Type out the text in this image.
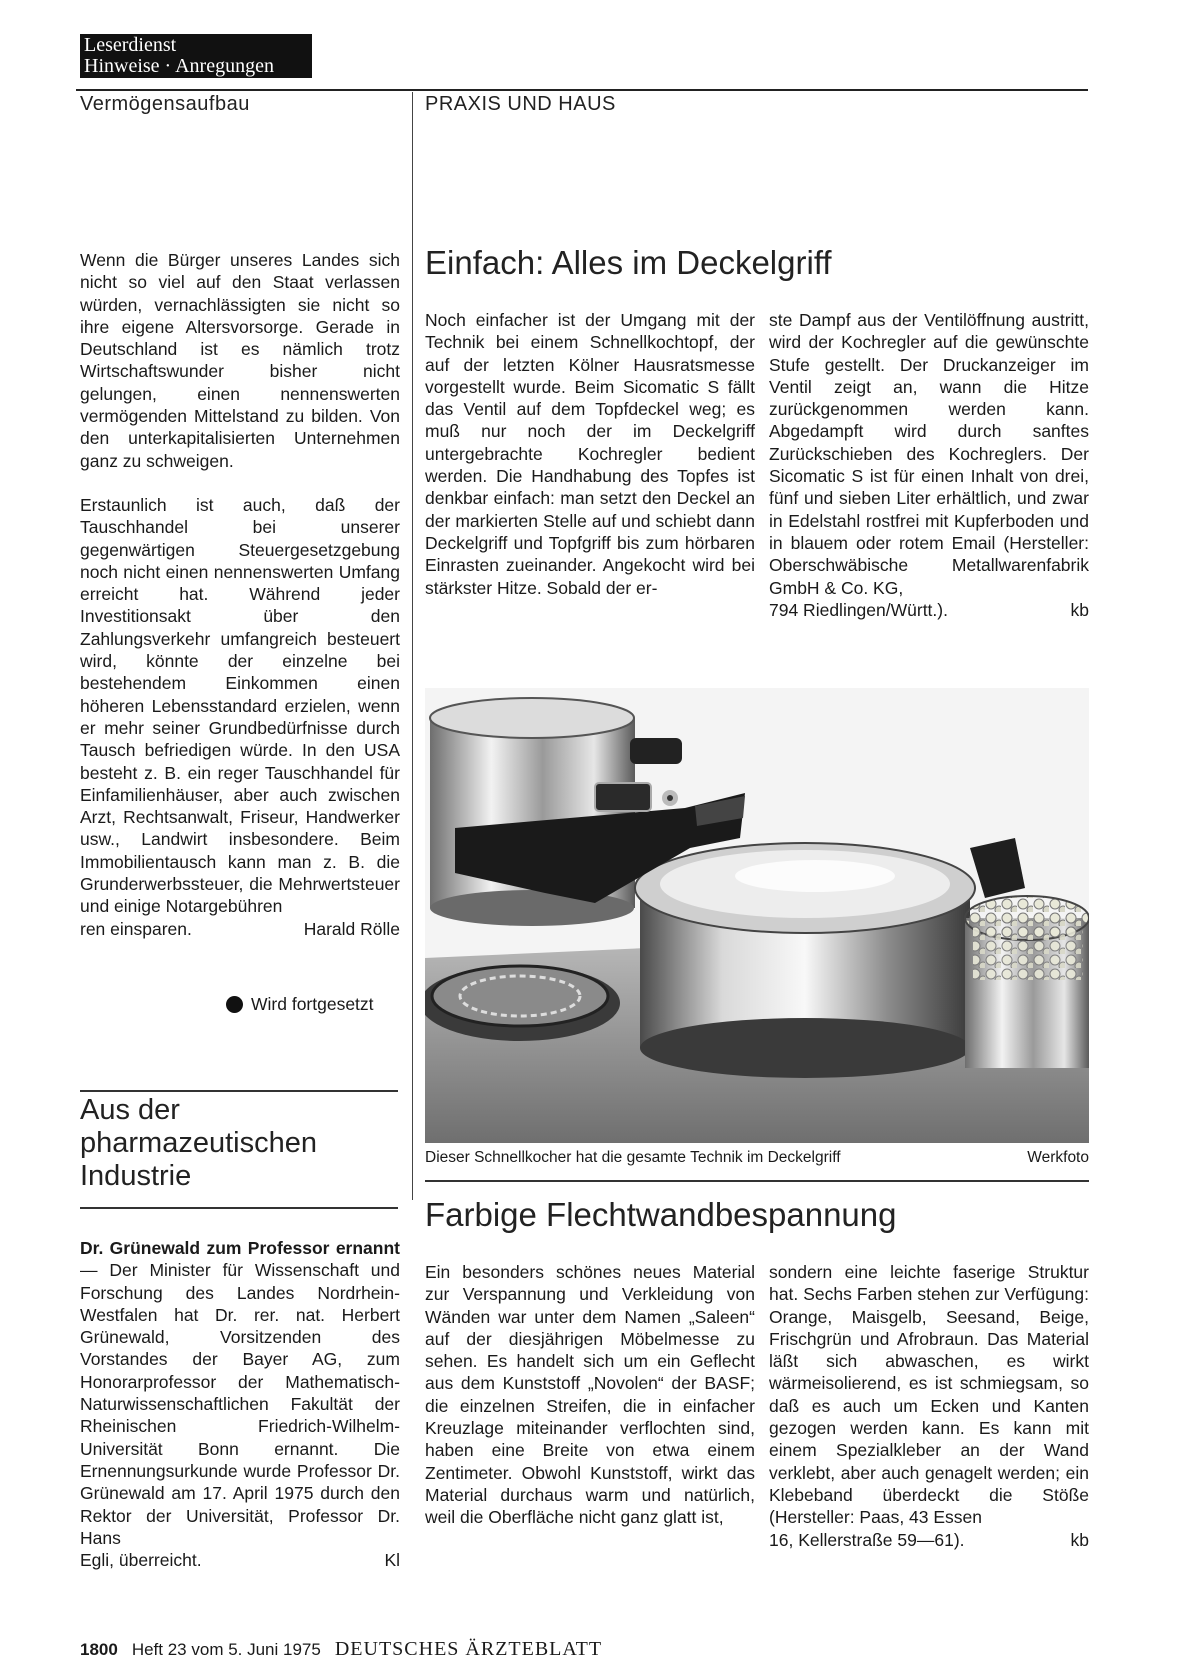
Leserdienst
Hinweise · Anregungen
Vermögensaufbau	PRAXIS UND HAUS

Wenn die Bürger unseres Landes sich nicht so viel auf den Staat verlassen würden, vernachlässigten sie nicht so ihre eigene Altersvorsorge. Gerade in Deutschland ist es nämlich trotz Wirtschaftswunder bisher nicht gelungen, einen nennenswerten vermögenden Mittelstand zu bilden. Von den unterkapitalisierten Unternehmen ganz zu schweigen.

Erstaunlich ist auch, daß der Tauschhandel bei unserer gegenwärtigen Steuergesetzgebung noch nicht einen nennenswerten Umfang erreicht hat. Während jeder Investitionsakt über den Zahlungsverkehr umfangreich besteuert wird, könnte der einzelne bei bestehendem Einkommen einen höheren Lebensstandard erzielen, wenn er mehr seiner Grundbedürfnisse durch Tausch befriedigen würde. In den USA besteht z. B. ein reger Tauschhandel für Einfamilienhäuser, aber auch zwischen Arzt, Rechtsanwalt, Friseur, Handwerker usw., Landwirt insbesondere. Beim Immobilientausch kann man z. B. die Grunderwerbssteuer, die Mehrwertsteuer und einige Notargebühren

ren einsparen.	Harald Rölle
Wird fortgesetzt
Aus der
pharmazeutischen
Industrie

Dr. Grünewald zum Professor ernannt — Der Minister für Wissenschaft und Forschung des Landes Nordrhein-Westfalen hat Dr. rer. nat. Herbert Grünewald, Vorsitzenden des Vorstandes der Bayer AG, zum Honorarprofessor der Mathematisch-Naturwissenschaftlichen Fakultät der Rheinischen Friedrich-Wilhelm-Universität Bonn ernannt. Die Ernennungsurkunde wurde Professor Dr. Grünewald am 17. April 1975 durch den Rektor der Universität, Professor Dr. Hans

Egli, überreicht.	Kl
Einfach: Alles im Deckelgriff

Noch einfacher ist der Umgang mit der Technik bei einem Schnellkochtopf, der auf der letzten Kölner Hausratsmesse vorgestellt wurde. Beim Sicomatic S fällt das Ventil auf dem Topfdeckel weg; es muß nur noch der im Deckelgriff untergebrachte Kochregler bedient werden. Die Handhabung des Topfes ist denkbar einfach: man setzt den Deckel an der markierten Stelle auf und schiebt dann Deckelgriff und Topfgriff bis zum hörbaren Einrasten zueinander. Angekocht wird bei stärkster Hitze. Sobald der er-

ste Dampf aus der Ventilöffnung austritt, wird der Kochregler auf die gewünschte Stufe gestellt. Der Druckanzeiger im Ventil zeigt an, wann die Hitze zurückgenommen werden kann. Abgedampft wird durch sanftes Zurückschieben des Kochreglers. Der Sicomatic S ist für einen Inhalt von drei, fünf und sieben Liter erhältlich, und zwar in Edelstahl rostfrei mit Kupferboden und in blauem oder rotem Email (Hersteller: Oberschwäbische Metallwarenfabrik GmbH & Co. KG,

794 Riedlingen/Württ.).	kb
Dieser Schnellkocher hat die gesamte Technik im Deckelgriff	Werkfoto
Farbige Flechtwandbespannung

Ein besonders schönes neues Material zur Verspannung und Verkleidung von Wänden war unter dem Namen „Saleen“ auf der diesjährigen Möbelmesse zu sehen. Es handelt sich um ein Geflecht aus dem Kunststoff „Novolen“ der BASF; die einzelnen Streifen, die in einfacher Kreuzlage miteinander verflochten sind, haben eine Breite von etwa einem Zentimeter. Obwohl Kunststoff, wirkt das Material durchaus warm und natürlich, weil die Oberfläche nicht ganz glatt ist,

sondern eine leichte faserige Struktur hat. Sechs Farben stehen zur Verfügung: Orange, Maisgelb, Seesand, Beige, Frischgrün und Afrobraun. Das Material läßt sich abwaschen, es wirkt wärmeisolierend, es ist schmiegsam, so daß es auch um Ecken und Kanten gezogen werden kann. Es kann mit einem Spezialkleber an der Wand verklebt, aber auch genagelt werden; ein Klebeband überdeckt die Stöße (Hersteller: Paas, 43 Essen

16, Kellerstraße 59—61).	kb
1800 Heft 23 vom 5. Juni 1975 DEUTSCHES ÄRZTEBLATT
